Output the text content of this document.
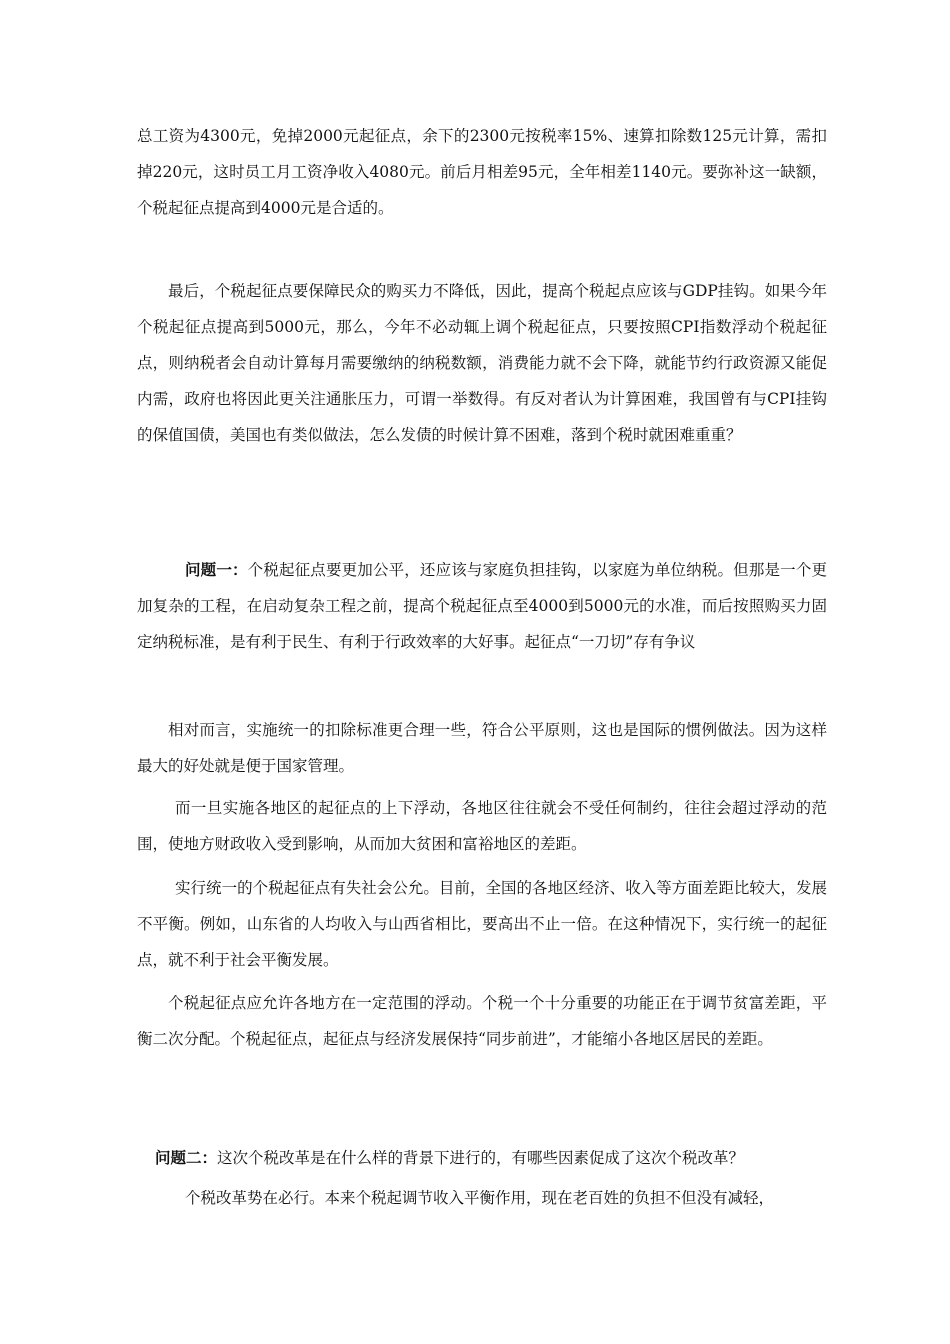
总工资为4300元，免掉2000元起征点，余下的2300元按税率15%、速算扣除数125元计算，需扣掉220元，这时员工月工资净收入4080元。前后月相差95元，全年相差1140元。要弥补这一缺额，个税起征点提高到4000元是合适的。

最后，个税起征点要保障民众的购买力不降低，因此，提高个税起点应该与GDP挂钩。如果今年个税起征点提高到5000元，那么，今年不必动辄上调个税起征点，只要按照CPI指数浮动个税起征点，则纳税者会自动计算每月需要缴纳的纳税数额，消费能力就不会下降，就能节约行政资源又能促内需，政府也将因此更关注通胀压力，可谓一举数得。有反对者认为计算困难，我国曾有与CPI挂钩的保值国债，美国也有类似做法，怎么发债的时候计算不困难，落到个税时就困难重重？

问题一：个税起征点要更加公平，还应该与家庭负担挂钩，以家庭为单位纳税。但那是一个更加复杂的工程，在启动复杂工程之前，提高个税起征点至4000到5000元的水准，而后按照购买力固定纳税标准，是有利于民生、有利于行政效率的大好事。起征点“一刀切”存有争议

相对而言，实施统一的扣除标准更合理一些，符合公平原则，这也是国际的惯例做法。因为这样最大的好处就是便于国家管理。

而一旦实施各地区的起征点的上下浮动，各地区往往就会不受任何制约，往往会超过浮动的范围，使地方财政收入受到影响，从而加大贫困和富裕地区的差距。

实行统一的个税起征点有失社会公允。目前，全国的各地区经济、收入等方面差距比较大，发展不平衡。例如，山东省的人均收入与山西省相比，要高出不止一倍。在这种情况下，实行统一的起征点，就不利于社会平衡发展。

个税起征点应允许各地方在一定范围的浮动。个税一个十分重要的功能正在于调节贫富差距，平衡二次分配。个税起征点，起征点与经济发展保持“同步前进”，才能缩小各地区居民的差距。

问题二：这次个税改革是在什么样的背景下进行的，有哪些因素促成了这次个税改革？

个税改革势在必行。本来个税起调节收入平衡作用，现在老百姓的负担不但没有减轻，
